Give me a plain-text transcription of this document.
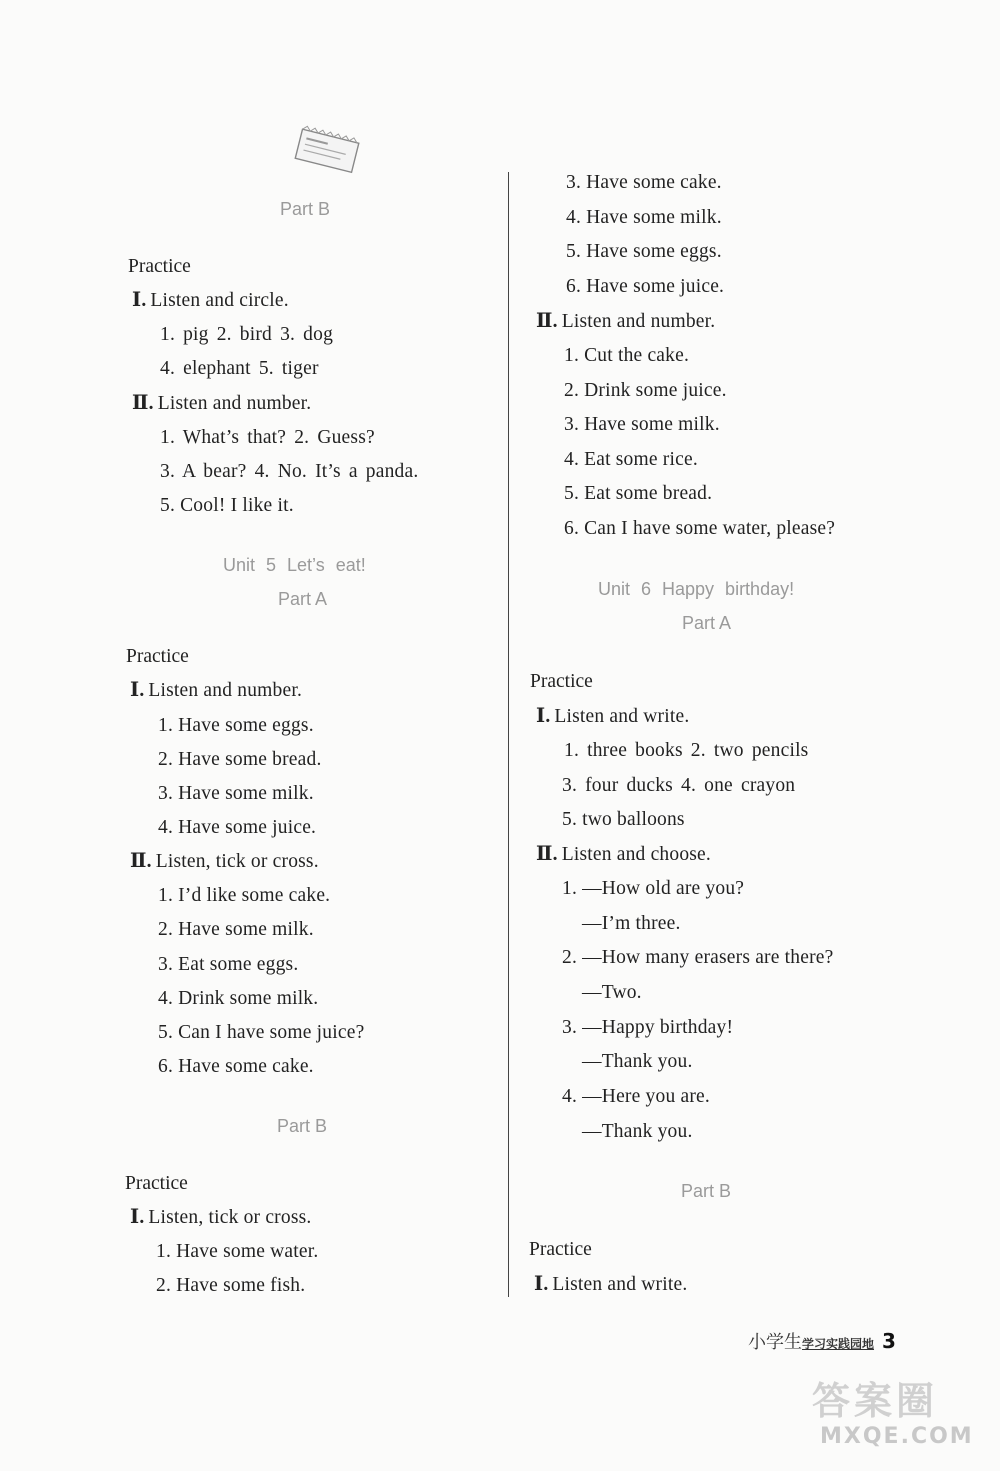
Part B
Practice
Ⅰ. Listen and circle.
1. pig 2. bird 3. dog
4. elephant 5. tiger
Ⅱ. Listen and number.
1. What’s that? 2. Guess?
3. A bear? 4. No. It’s a panda.
5. Cool! I like it.
Unit 5 Let’s eat!
Part A
Practice
Ⅰ. Listen and number.
1. Have some eggs.
2. Have some bread.
3. Have some milk.
4. Have some juice.
Ⅱ. Listen, tick or cross.
1. I’d like some cake.
2. Have some milk.
3. Eat some eggs.
4. Drink some milk.
5. Can I have some juice?
6. Have some cake.
Part B
Practice
Ⅰ. Listen, tick or cross.
1. Have some water.
2. Have some fish.
3. Have some cake.
4. Have some milk.
5. Have some eggs.
6. Have some juice.
Ⅱ. Listen and number.
1. Cut the cake.
2. Drink some juice.
3. Have some milk.
4. Eat some rice.
5. Eat some bread.
6. Can I have some water, please?
Unit 6 Happy birthday!
Part A
Practice
Ⅰ. Listen and write.
1. three books 2. two pencils
3. four ducks 4. one crayon
5. two balloons
Ⅱ. Listen and choose.
1. —How old are you?
—I’m three.
2. —How many erasers are there?
—Two.
3. —Happy birthday!
—Thank you.
4. —Here you are.
—Thank you.
Part B
Practice
Ⅰ. Listen and write.
小学生学习实践园地 3
答案圈
MXQE.COM
